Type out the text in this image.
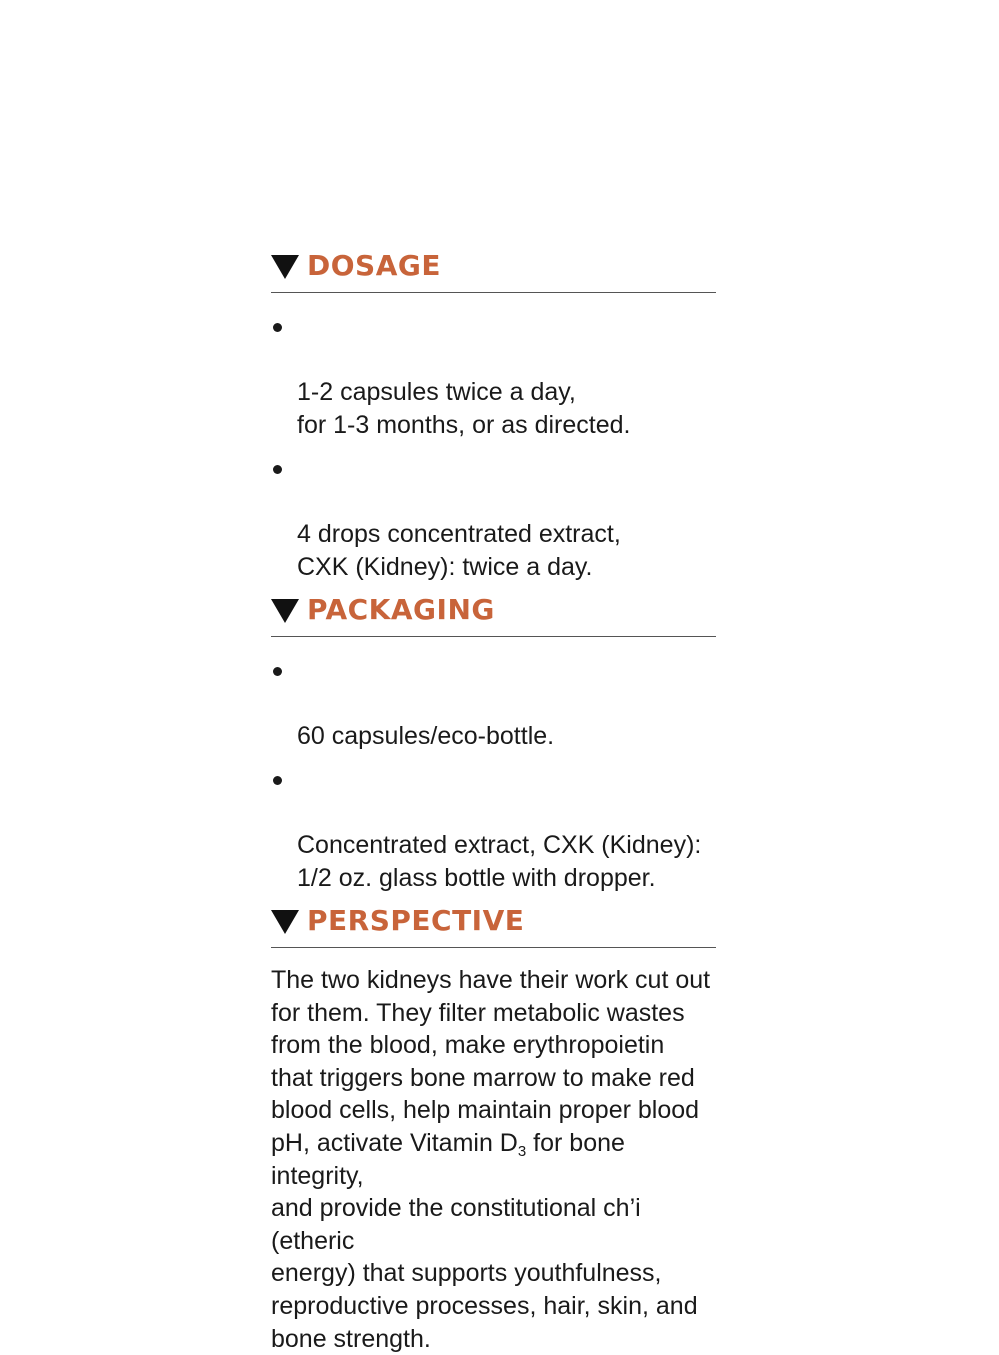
DOSAGE

1-2 capsules twice a day,
for 1-3 months, or as directed.

4 drops concentrated extract,
CXK (Kidney): twice a day.

PACKAGING

60 capsules/eco-bottle.

Concentrated extract, CXK (Kidney):
1/2 oz. glass bottle with dropper.

PERSPECTIVE
The two kidneys have their work cut out
for them. They filter metabolic wastes
from the blood, make erythropoietin
that triggers bone marrow to make red
blood cells, help maintain proper blood
pH, activate Vitamin $D_3$ for bone integrity,
and provide the constitutional ch’i (etheric
energy) that supports youthfulness,
reproductive processes, hair, skin, and
bone strength.
